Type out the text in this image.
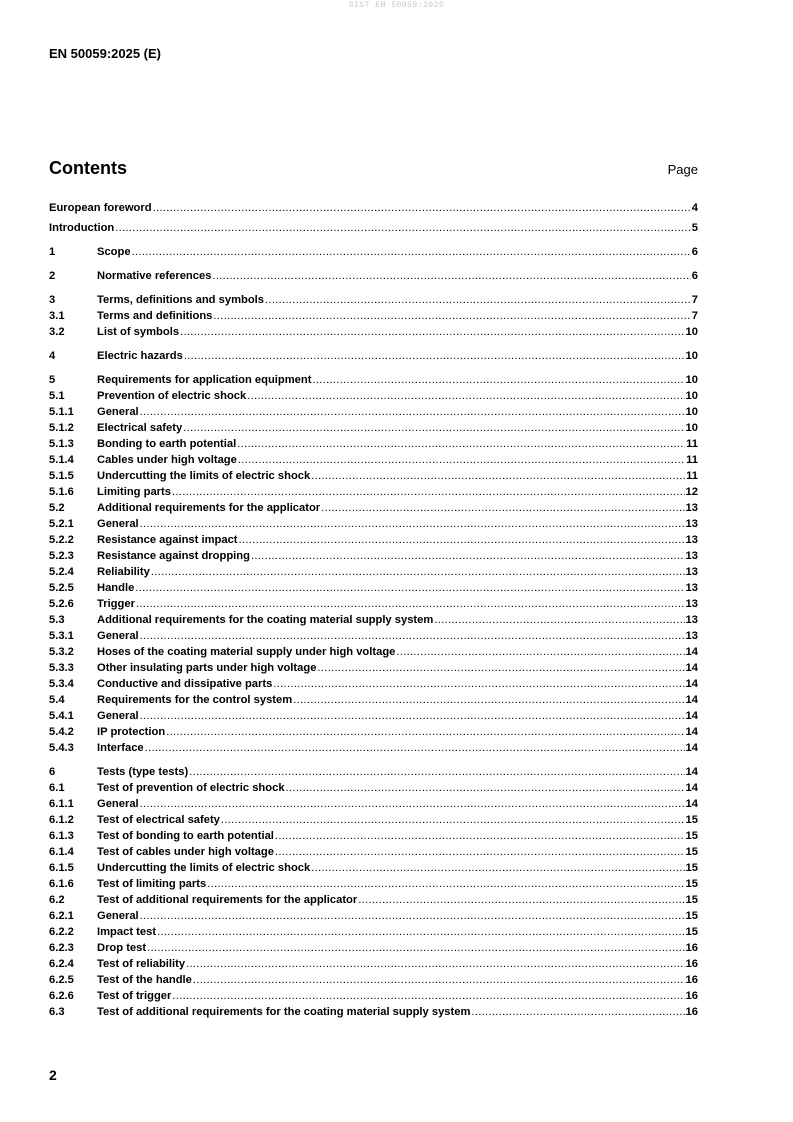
SIST EN 50059:2025
EN 50059:2025 (E)
Contents	Page
European foreword .....	4
Introduction .....	5
1	Scope .....	6
2	Normative references .....	6
3	Terms, definitions and symbols .....	7
3.1	Terms and definitions .....	7
3.2	List of symbols .....	10
4	Electric hazards .....	10
5	Requirements for application equipment .....	10
5.1	Prevention of electric shock .....	10
5.1.1	General .....	10
5.1.2	Electrical safety .....	10
5.1.3	Bonding to earth potential .....	11
5.1.4	Cables under high voltage .....	11
5.1.5	Undercutting the limits of electric shock .....	11
5.1.6	Limiting parts .....	12
5.2	Additional requirements for the applicator .....	13
5.2.1	General .....	13
5.2.2	Resistance against impact .....	13
5.2.3	Resistance against dropping .....	13
5.2.4	Reliability .....	13
5.2.5	Handle .....	13
5.2.6	Trigger .....	13
5.3	Additional requirements for the coating material supply system .....	13
5.3.1	General .....	13
5.3.2	Hoses of the coating material supply under high voltage .....	14
5.3.3	Other insulating parts under high voltage .....	14
5.3.4	Conductive and dissipative parts .....	14
5.4	Requirements for the control system .....	14
5.4.1	General .....	14
5.4.2	IP protection .....	14
5.4.3	Interface .....	14
6	Tests (type tests) .....	14
6.1	Test of prevention of electric shock .....	14
6.1.1	General .....	14
6.1.2	Test of electrical safety .....	15
6.1.3	Test of bonding to earth potential .....	15
6.1.4	Test of cables under high voltage .....	15
6.1.5	Undercutting the limits of electric shock .....	15
6.1.6	Test of limiting parts .....	15
6.2	Test of additional requirements for the applicator .....	15
6.2.1	General .....	15
6.2.2	Impact test .....	15
6.2.3	Drop test .....	16
6.2.4	Test of reliability .....	16
6.2.5	Test of the handle .....	16
6.2.6	Test of trigger .....	16
6.3	Test of additional requirements for the coating material supply system .....	16
2
